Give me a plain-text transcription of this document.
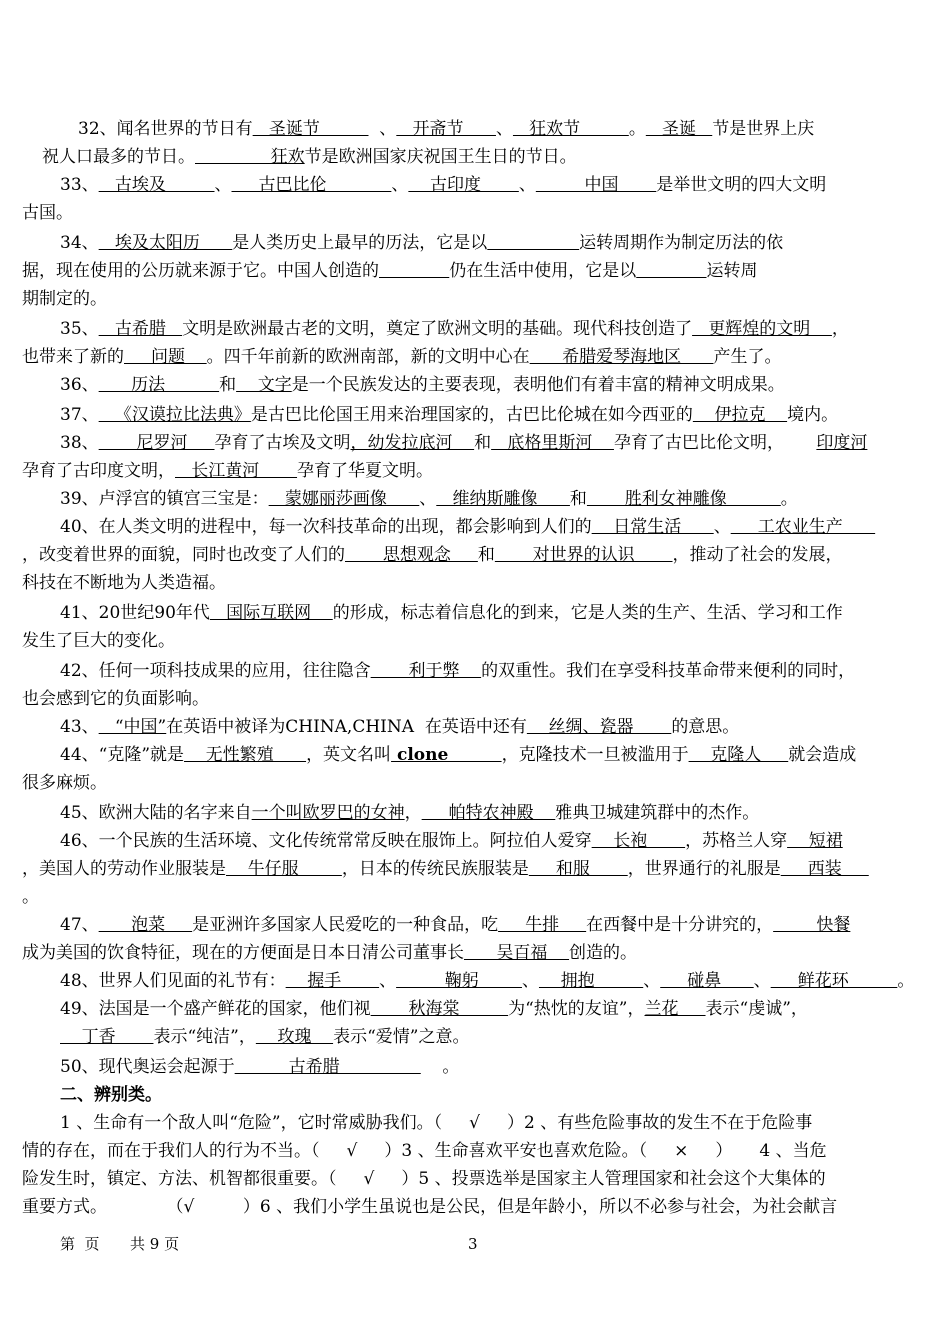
32、闻名世界的节日有   圣诞节           、   开斋节      、   狂欢节         。   圣诞   节是世界上庆
祝人口最多的节日。              狂欢节是欧洲国家庆祝国王生日的节日。
33、   古埃及         、     古巴比伦            、    古印度       、         中国       是举世文明的四大文明
古国。
34、   埃及太阳历      是人类历史上最早的历法，它是以	运转周期作为制定历法的依
据，现在使用的公历就来源于它。中国人创造的	仍在生活中使用，它是以	运转周
期制定的。
35、   古希腊   文明是欧洲最古老的文明，奠定了欧洲文明的基础。现代科技创造了   更辉煌的文明    ，
也带来了新的     问题    。四千年前新的欧洲南部，新的文明中心在      希腊爱琴海地区      产生了。
36、      历法          和    文字是一个民族发达的主要表现，表明他们有着丰富的精神文明成果。
37、   《汉谟拉比法典》是古巴比伦国王用来治理国家的，古巴比伦城在如今西亚的    伊拉克    境内。
38、       尼罗河     孕育了古埃及文明，幼发拉底河    和   底格里斯河    孕育了古巴比伦文明，      印度河
孕育了古印度文明，   长江黄河       孕育了华夏文明。
39、卢浮宫的镇宫三宝是：   蒙娜丽莎画像      、   维纳斯雕像      和       胜利女神雕像          。
40、在人类文明的进程中，每一次科技革命的出现，都会影响到人们的    日常生活      、     工农业生产
，改变着世界的面貌，同时也改变了人们的       思想观念     和       对世界的认识       ，推动了社会的发展，
科技在不断地为人类造福。
41、20世纪90年代   国际互联网    的形成，标志着信息化的到来，它是人类的生产、生活、学习和工作
发生了巨大的变化。
42、任何一项科技成果的应用，往往隐含       利于弊    的双重性。我们在享受科技革命带来便利的同时，
也会感到它的负面影响。
43、   “中国”在英语中被译为CHINA,CHINA  在英语中还有    丝绸、瓷器       的意思。
44、“克隆”就是    无性繁殖      ，英文名叫 clone         ，克隆技术一旦被滥用于    克隆人     就会造成
很多麻烦。
45、欧洲大陆的名字来自一个叫欧罗巴的女神，     帕特农神殿    雅典卫城建筑群中的杰作。
46、一个民族的生活环境、文化传统常常反映在服饰上。阿拉伯人爱穿    长袍       ，苏格兰人穿    短裙
，美国人的劳动作业服装是    牛仔服        ，日本的传统民族服装是     和服       ，世界通行的礼服是     西装
。
47、      泡菜     是亚洲许多国家人民爱吃的一种食品，吃     牛排     在西餐中是十分讲究的，        快餐
成为美国的饮食特征，现在的方便面是日本日清公司董事长      吴百福    创造的。
48、世界人们见面的礼节有：    握手       、         鞠躬        、    拥抱         、     碰鼻      、     鲜花环         。
49、法国是一个盛产鲜花的国家，他们视       秋海棠         为“热忱的友谊”，兰花     表示“虔诚”，
丁香       表示“纯洁”，    玫瑰    表示“爱情”之意。
50、现代奥运会起源于          古希腊                   。
二、辨别类。
1 、生命有一个敌人叫“危险”，它时常威胁我们。（     √     ）2 、有些危险事故的发生不在于危险事
情的存在，而在于我们人的行为不当。（     √     ）3 、生命喜欢平安也喜欢危险。（     ×     ）     4 、当危
险发生时，镇定、方法、机智都很重要。（     √     ）5 、投票选举是国家主人管理国家和社会这个大集体的
重要方式。           （√         ）6 、我们小学生虽说也是公民，但是年龄小，所以不必参与社会，为社会献言
第  页 共 9 页	3
